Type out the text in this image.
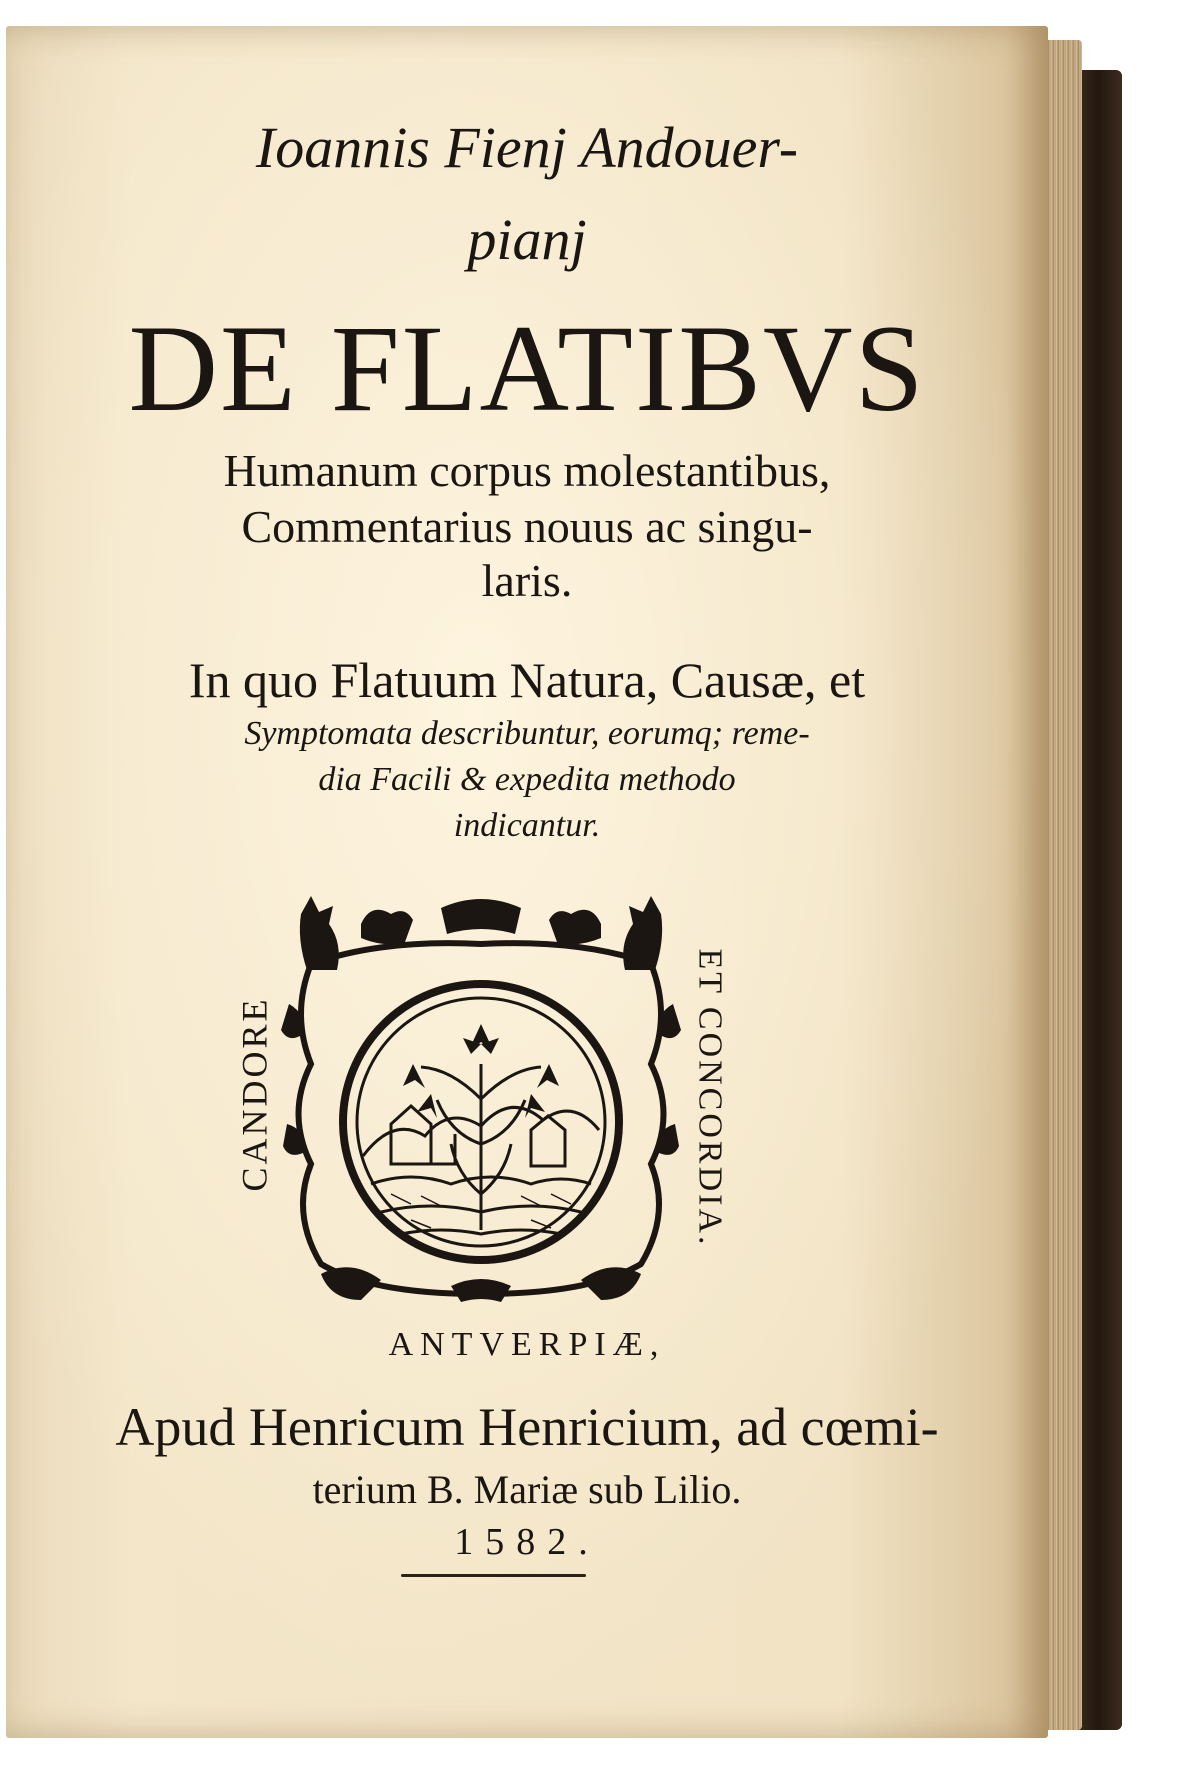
Ioannis Fienj Andouer-
pianj
DE FLATIBVS
Humanum corpus molestantibus,
Commentarius nouus ac singu-
laris.
In quo Flatuum Natura, Causæ, et
Symptomata describuntur, eorumq; reme-
dia Facili & expedita methodo
indicantur.
CANDORE	ET CONCORDIA.
ANTVERPIÆ,
Apud Henricum Henricium, ad cœmi-
terium B. Mariæ sub Lilio.
1582.
